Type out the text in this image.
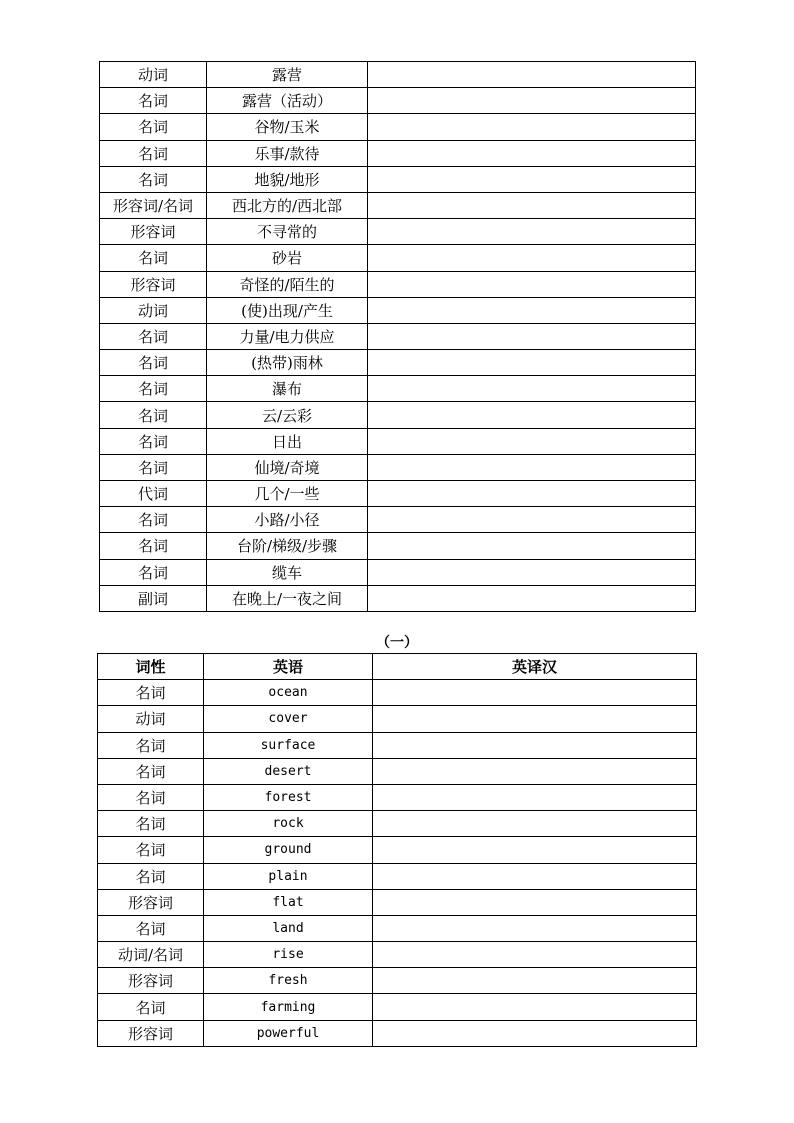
动词	露营	
名词	露营（活动）	
名词	谷物/玉米	
名词	乐事/款待	
名词	地貌/地形	
形容词/名词	西北方的/西北部	
形容词	不寻常的	
名词	砂岩	
形容词	奇怪的/陌生的	
动词	(使)出现/产生	
名词	力量/电力供应	
名词	(热带)雨林	
名词	瀑布	
名词	云/云彩	
名词	日出	
名词	仙境/奇境	
代词	几个/一些	
名词	小路/小径	
名词	台阶/梯级/步骤	
名词	缆车	
副词	在晚上/一夜之间	
（一）
词性	英语	英译汉
名词	ocean	
动词	cover	
名词	surface	
名词	desert	
名词	forest	
名词	rock	
名词	ground	
名词	plain	
形容词	flat	
名词	land	
动词/名词	rise	
形容词	fresh	
名词	farming	
形容词	powerful	
